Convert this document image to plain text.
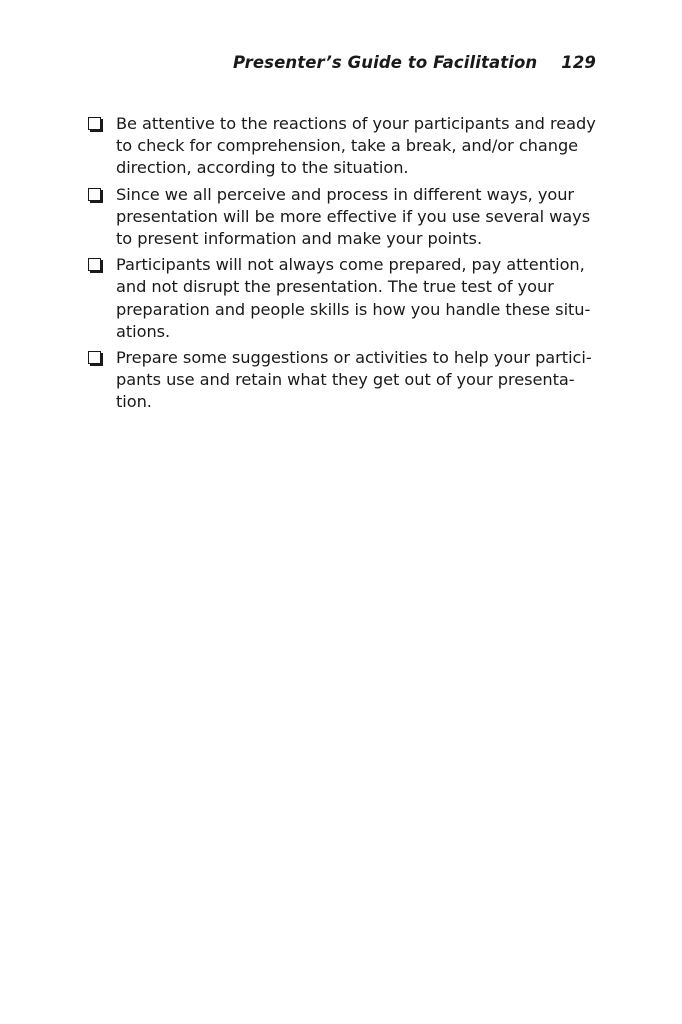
Presenter’s Guide to Facilitation 129
Be attentive to the reactions of your participants and ready
to check for comprehension, take a break, and/or change
direction, according to the situation.
Since we all perceive and process in different ways, your
presentation will be more effective if you use several ways
to present information and make your points.
Participants will not always come prepared, pay attention,
and not disrupt the presentation. The true test of your
preparation and people skills is how you handle these situ-
ations.
Prepare some suggestions or activities to help your partici-
pants use and retain what they get out of your presenta-
tion.
